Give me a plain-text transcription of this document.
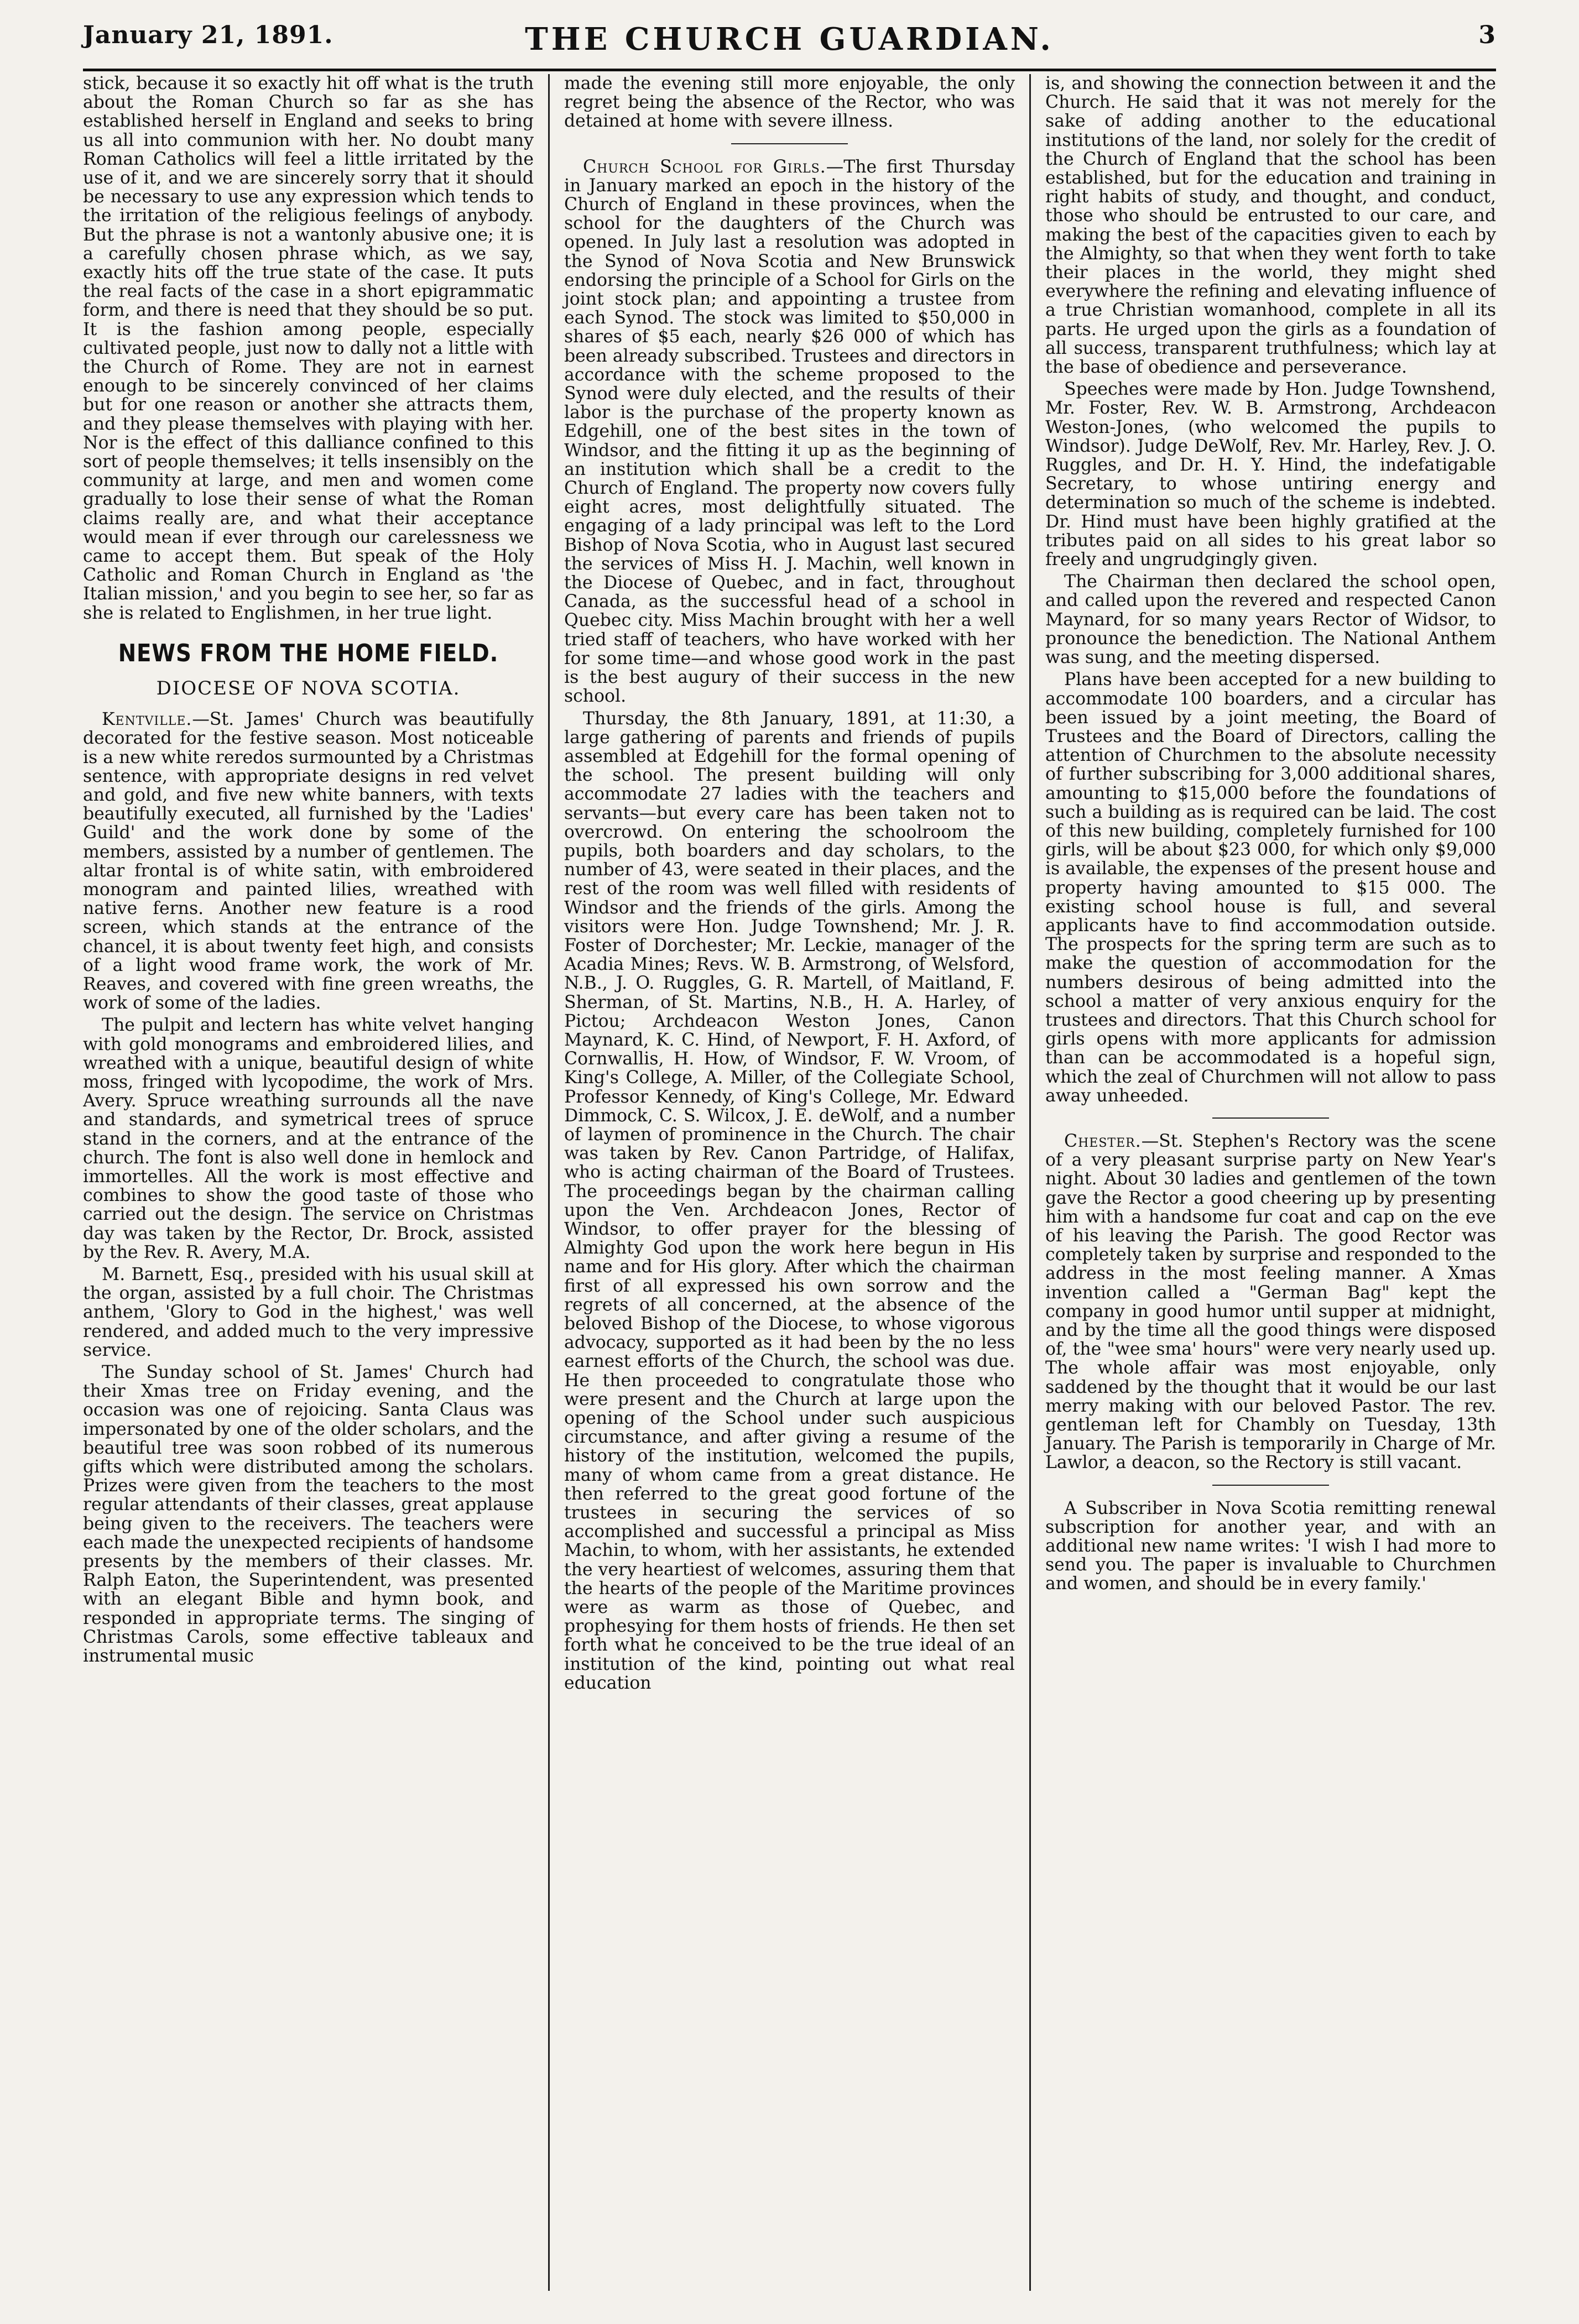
January 21, 1891.	THE CHURCH GUARDIAN.	3

stick, because it so exactly hit off what is the truth about the Roman Church so far as she has established herself in England and seeks to bring us all into communion with her. No doubt many Roman Catholics will feel a little irritated by the use of it, and we are sincerely sorry that it should be necessary to use any expression which tends to the irritation of the religious feelings of anybody. But the phrase is not a wantonly abusive one; it is a carefully chosen phrase which, as we say, exactly hits off the true state of the case. It puts the real facts of the case in a short epigrammatic form, and there is need that they should be so put. It is the fashion among people, especially cultivated people, just now to dally not a little with the Church of Rome. They are not in earnest enough to be sincerely convinced of her claims but for one reason or another she attracts them, and they please themselves with playing with her. Nor is the effect of this dalliance confined to this sort of people themselves; it tells insensibly on the community at large, and men and women come gradually to lose their sense of what the Roman claims really are, and what their acceptance would mean if ever through our carelessness we came to accept them. But speak of the Holy Catholic and Roman Church in England as 'the Italian mission,' and you begin to see her, so far as she is related to Englishmen, in her true light.

NEWS FROM THE HOME FIELD.
DIOCESE OF NOVA SCOTIA.

Kentville.—St. James' Church was beautifully decorated for the festive season. Most noticeable is a new white reredos surmounted by a Christmas sentence, with appropriate designs in red velvet and gold, and five new white banners, with texts beautifully executed, all furnished by the 'Ladies' Guild' and the work done by some of the members, assisted by a number of gentlemen. The altar frontal is of white satin, with embroidered monogram and painted lilies, wreathed with native ferns. Another new feature is a rood screen, which stands at the entrance of the chancel, it is about twenty feet high, and consists of a light wood frame work, the work of Mr. Reaves, and covered with fine green wreaths, the work of some of the ladies.

The pulpit and lectern has white velvet hanging with gold monograms and embroidered lilies, and wreathed with a unique, beautiful design of white moss, fringed with lycopodime, the work of Mrs. Avery. Spruce wreathing surrounds all the nave and standards, and symetrical trees of spruce stand in the corners, and at the entrance of the church. The font is also well done in hemlock and immortelles. All the work is most effective and combines to show the good taste of those who carried out the design. The service on Christmas day was taken by the Rector, Dr. Brock, assisted by the Rev. R. Avery, M.A.

M. Barnett, Esq., presided with his usual skill at the organ, assisted by a full choir. The Christmas anthem, 'Glory to God in the highest,' was well rendered, and added much to the very impressive service.

The Sunday school of St. James' Church had their Xmas tree on Friday evening, and the occasion was one of rejoicing. Santa Claus was impersonated by one of the older scholars, and the beautiful tree was soon robbed of its numerous gifts which were distributed among the scholars. Prizes were given from the teachers to the most regular attendants of their classes, great applause being given to the receivers. The teachers were each made the unexpected recipients of handsome presents by the members of their classes. Mr. Ralph Eaton, the Superintendent, was presented with an elegant Bible and hymn book, and responded in appropriate terms. The singing of Christmas Carols, some effective tableaux and instrumental music

made the evening still more enjoyable, the only regret being the absence of the Rector, who was detained at home with severe illness.

Church School for Girls.—The first Thursday in January marked an epoch in the history of the Church of England in these provinces, when the school for the daughters of the Church was opened. In July last a resolution was adopted in the Synod of Nova Scotia and New Brunswick endorsing the principle of a School for Girls on the joint stock plan; and appointing a trustee from each Synod. The stock was limited to $50,000 in shares of $5 each, nearly $26 000 of which has been already subscribed. Trustees and directors in accordance with the scheme proposed to the Synod were duly elected, and the results of their labor is the purchase of the property known as Edgehill, one of the best sites in the town of Windsor, and the fitting it up as the beginning of an institution which shall be a credit to the Church of England. The property now covers fully eight acres, most delightfully situated. The engaging of a lady principal was left to the Lord Bishop of Nova Scotia, who in August last secured the services of Miss H. J. Machin, well known in the Diocese of Quebec, and in fact, throughout Canada, as the successful head of a school in Quebec city. Miss Machin brought with her a well tried staff of teachers, who have worked with her for some time—and whose good work in the past is the best augury of their success in the new school.

Thursday, the 8th January, 1891, at 11:30, a large gathering of parents and friends of pupils assembled at Edgehill for the formal opening of the school. The present building will only accommodate 27 ladies with the teachers and servants—but every care has been taken not to overcrowd. On entering the schoolroom the pupils, both boarders and day scholars, to the number of 43, were seated in their places, and the rest of the room was well filled with residents of Windsor and the friends of the girls. Among the visitors were Hon. Judge Townshend; Mr. J. R. Foster of Dorchester; Mr. Leckie, manager of the Acadia Mines; Revs. W. B. Armstrong, of Welsford, N.B., J. O. Ruggles, G. R. Martell, of Maitland, F. Sherman, of St. Martins, N.B., H. A. Harley, of Pictou; Archdeacon Weston Jones, Canon Maynard, K. C. Hind, of Newport, F. H. Axford, of Cornwallis, H. How, of Windsor, F. W. Vroom, of King's College, A. Miller, of the Collegiate School, Professor Kennedy, of King's College, Mr. Edward Dimmock, C. S. Wilcox, J. E. deWolf, and a number of laymen of prominence in the Church. The chair was taken by Rev. Canon Partridge, of Halifax, who is acting chairman of the Board of Trustees. The proceedings began by the chairman calling upon the Ven. Archdeacon Jones, Rector of Windsor, to offer prayer for the blessing of Almighty God upon the work here begun in His name and for His glory. After which the chairman first of all expressed his own sorrow and the regrets of all concerned, at the absence of the beloved Bishop of the Diocese, to whose vigorous advocacy, supported as it had been by the no less earnest efforts of the Church, the school was due. He then proceeded to congratulate those who were present and the Church at large upon the opening of the School under such auspicious circumstance, and after giving a resume of the history of the institution, welcomed the pupils, many of whom came from a great distance. He then referred to the great good fortune of the trustees in securing the services of so accomplished and successful a principal as Miss Machin, to whom, with her assistants, he extended the very heartiest of welcomes, assuring them that the hearts of the people of the Maritime provinces were as warm as those of Quebec, and prophesying for them hosts of friends. He then set forth what he conceived to be the true ideal of an institution of the kind, pointing out what real education

is, and showing the connection between it and the Church. He said that it was not merely for the sake of adding another to the educational institutions of the land, nor solely for the credit of the Church of England that the school has been established, but for the education and training in right habits of study, and thought, and conduct, those who should be entrusted to our care, and making the best of the capacities given to each by the Almighty, so that when they went forth to take their places in the world, they might shed everywhere the refining and elevating influence of a true Christian womanhood, complete in all its parts. He urged upon the girls as a foundation of all success, transparent truthfulness; which lay at the base of obedience and perseverance.

Speeches were made by Hon. Judge Townshend, Mr. Foster, Rev. W. B. Armstrong, Archdeacon Weston-Jones, (who welcomed the pupils to Windsor). Judge DeWolf, Rev. Mr. Harley, Rev. J. O. Ruggles, and Dr. H. Y. Hind, the indefatigable Secretary, to whose untiring energy and determination so much of the scheme is indebted. Dr. Hind must have been highly gratified at the tributes paid on all sides to his great labor so freely and ungrudgingly given.

The Chairman then declared the school open, and called upon the revered and respected Canon Maynard, for so many years Rector of Widsor, to pronounce the benediction. The National Anthem was sung, and the meeting dispersed.

Plans have been accepted for a new building to accommodate 100 boarders, and a circular has been issued by a joint meeting, the Board of Trustees and the Board of Directors, calling the attention of Churchmen to the absolute necessity of further subscribing for 3,000 additional shares, amounting to $15,000 before the foundations of such a building as is required can be laid. The cost of this new building, completely furnished for 100 girls, will be about $23 000, for which only $9,000 is available, the expenses of the present house and property having amounted to $15 000. The existing school house is full, and several applicants have to find accommodation outside. The prospects for the spring term are such as to make the question of accommodation for the numbers desirous of being admitted into the school a matter of very anxious enquiry for the trustees and directors. That this Church school for girls opens with more applicants for admission than can be accommodated is a hopeful sign, which the zeal of Churchmen will not allow to pass away unheeded.

Chester.—St. Stephen's Rectory was the scene of a very pleasant surprise party on New Year's night. About 30 ladies and gentlemen of the town gave the Rector a good cheering up by presenting him with a handsome fur coat and cap on the eve of his leaving the Parish. The good Rector was completely taken by surprise and responded to the address in the most feeling manner. A Xmas invention called a "German Bag" kept the company in good humor until supper at midnight, and by the time all the good things were disposed of, the "wee sma' hours" were very nearly used up. The whole affair was most enjoyable, only saddened by the thought that it would be our last merry making with our beloved Pastor. The rev. gentleman left for Chambly on Tuesday, 13th January. The Parish is temporarily in Charge of Mr. Lawlor, a deacon, so the Rectory is still vacant.

A Subscriber in Nova Scotia remitting renewal subscription for another year, and with an additional new name writes: 'I wish I had more to send you. The paper is invaluable to Churchmen and women, and should be in every family.'
